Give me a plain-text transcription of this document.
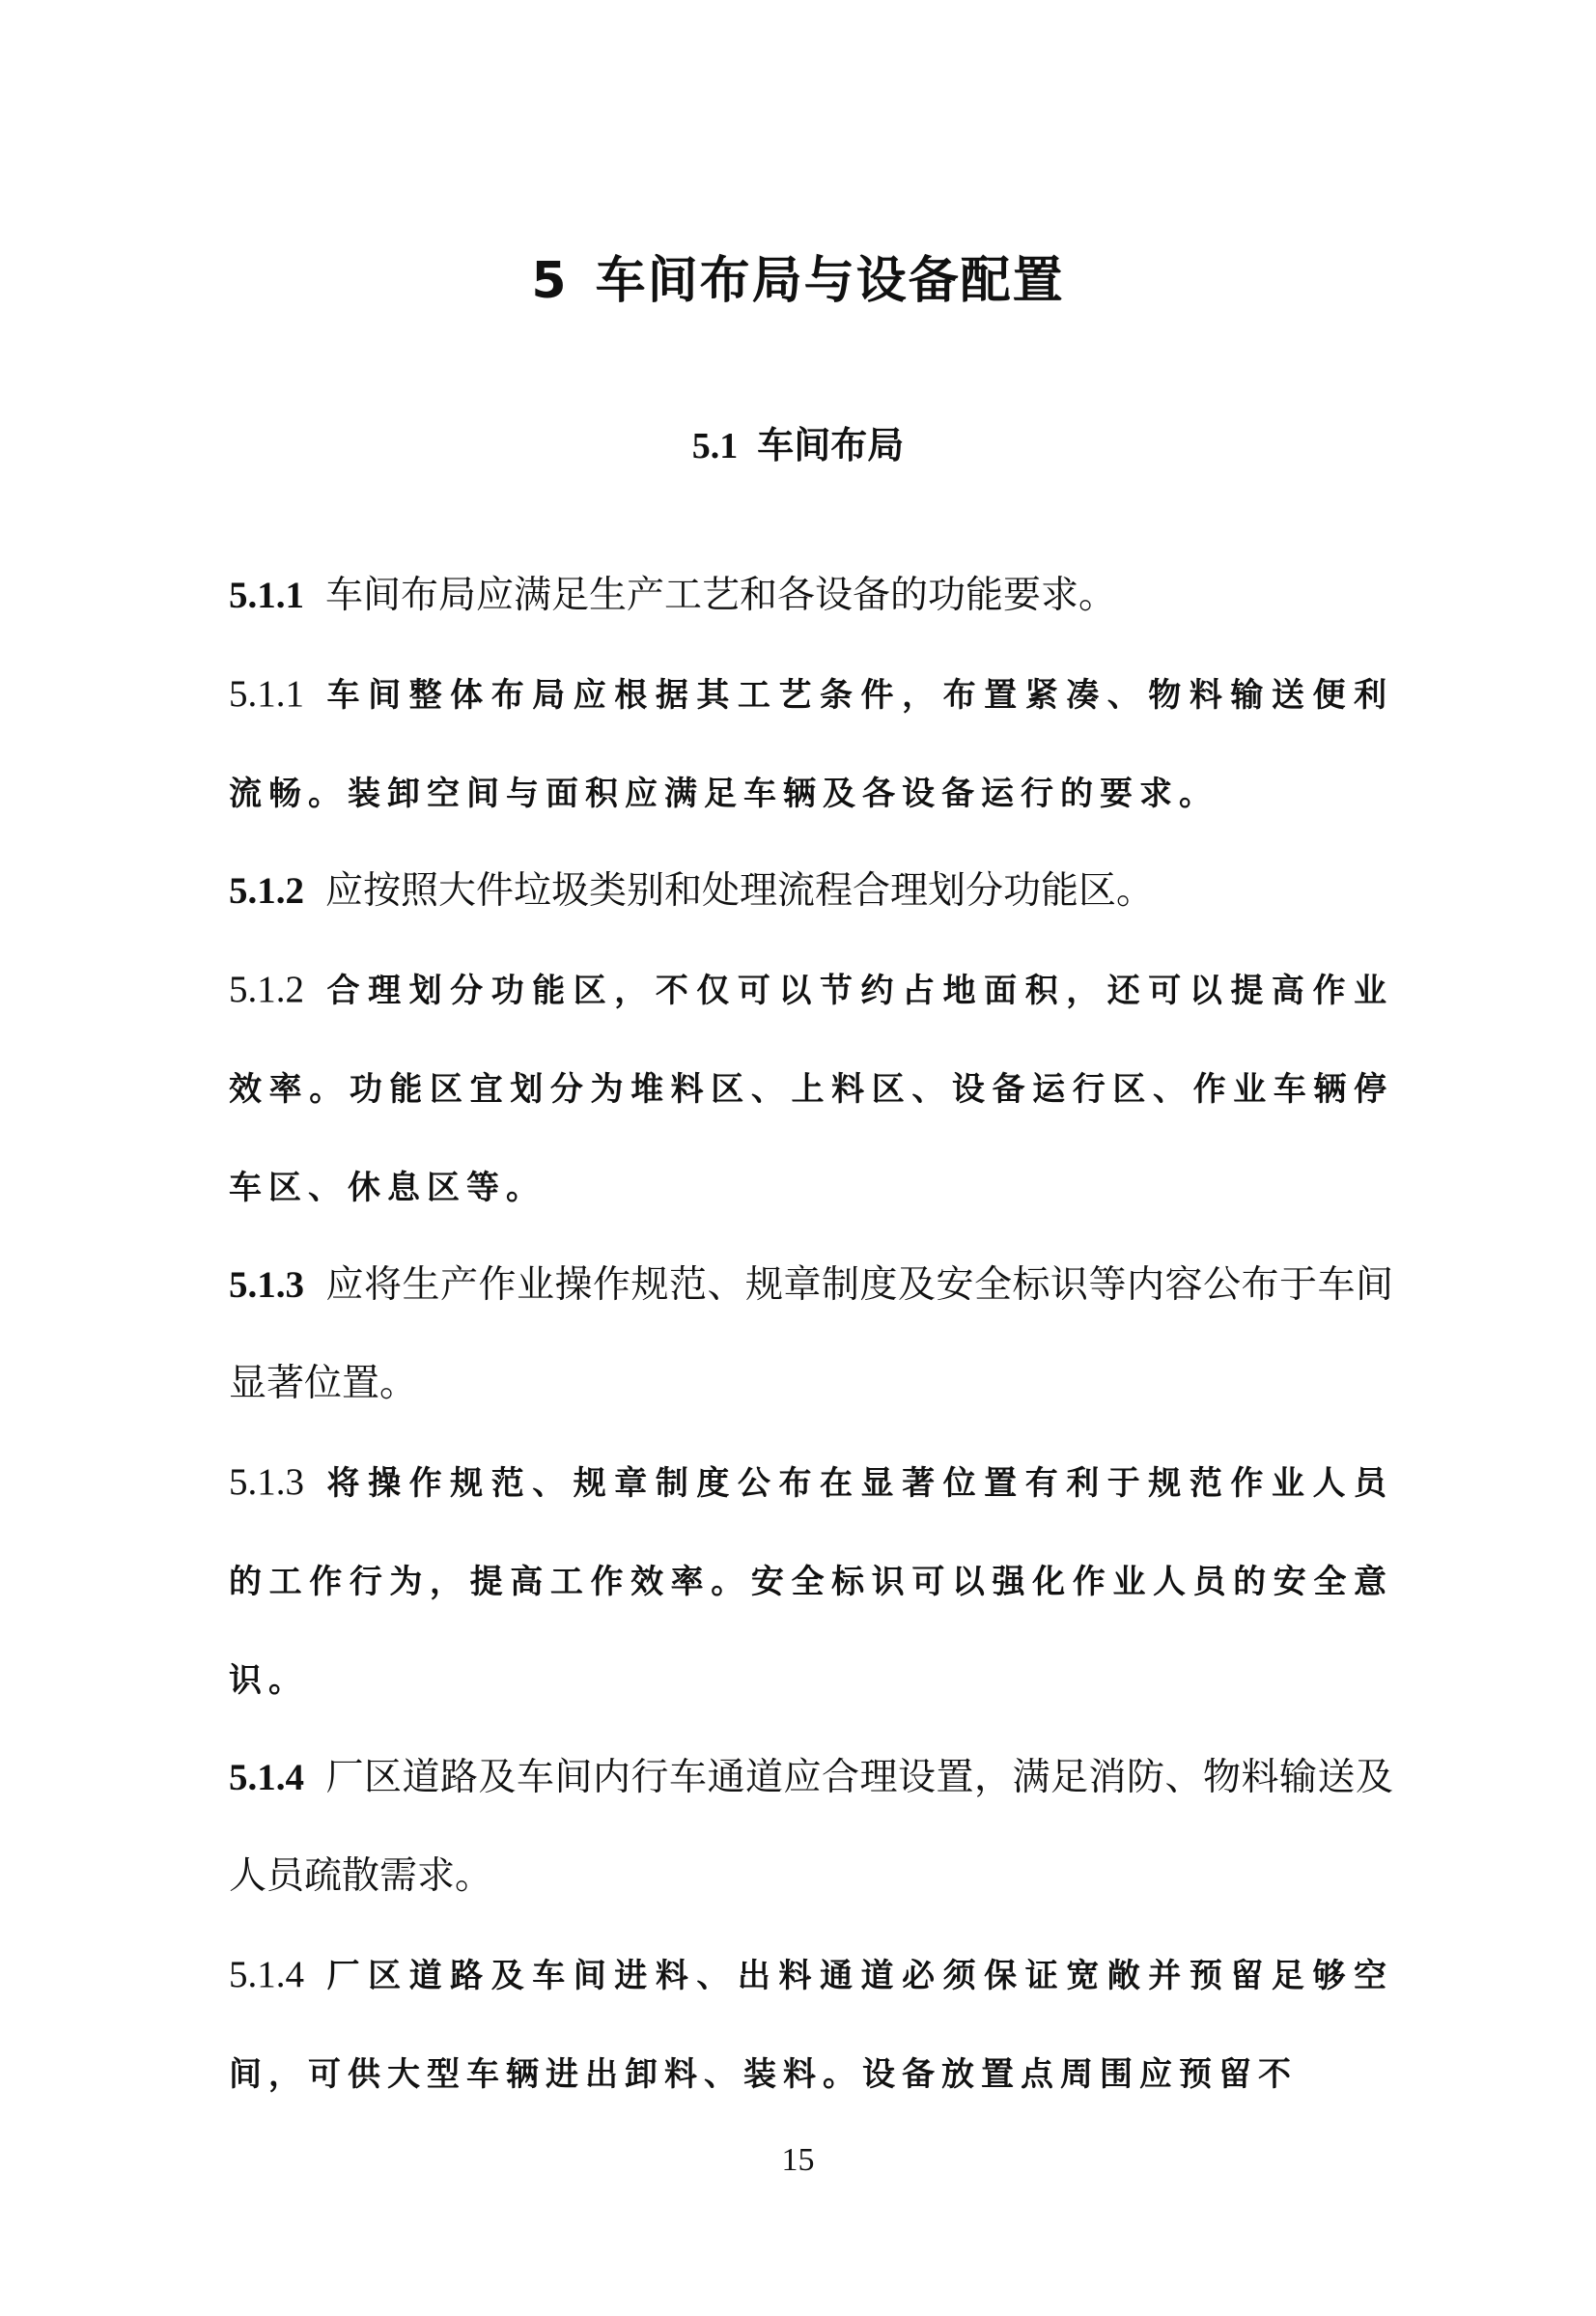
5 车间布局与设备配置
5.1 车间布局

5.1.1 车间布局应满足生产工艺和各设备的功能要求。

5.1.1 车间整体布局应根据其工艺条件，布置紧凑、物料输送便利流畅。装卸空间与面积应满足车辆及各设备运行的要求。

5.1.2 应按照大件垃圾类别和处理流程合理划分功能区。

5.1.2 合理划分功能区，不仅可以节约占地面积，还可以提高作业效率。功能区宜划分为堆料区、上料区、设备运行区、作业车辆停车区、休息区等。

5.1.3 应将生产作业操作规范、规章制度及安全标识等内容公布于车间显著位置。

5.1.3 将操作规范、规章制度公布在显著位置有利于规范作业人员的工作行为，提高工作效率。安全标识可以强化作业人员的安全意识。

5.1.4 厂区道路及车间内行车通道应合理设置，满足消防、物料输送及人员疏散需求。

5.1.4 厂区道路及车间进料、出料通道必须保证宽敞并预留足够空间，可供大型车辆进出卸料、装料。设备放置点周围应预留不

15
